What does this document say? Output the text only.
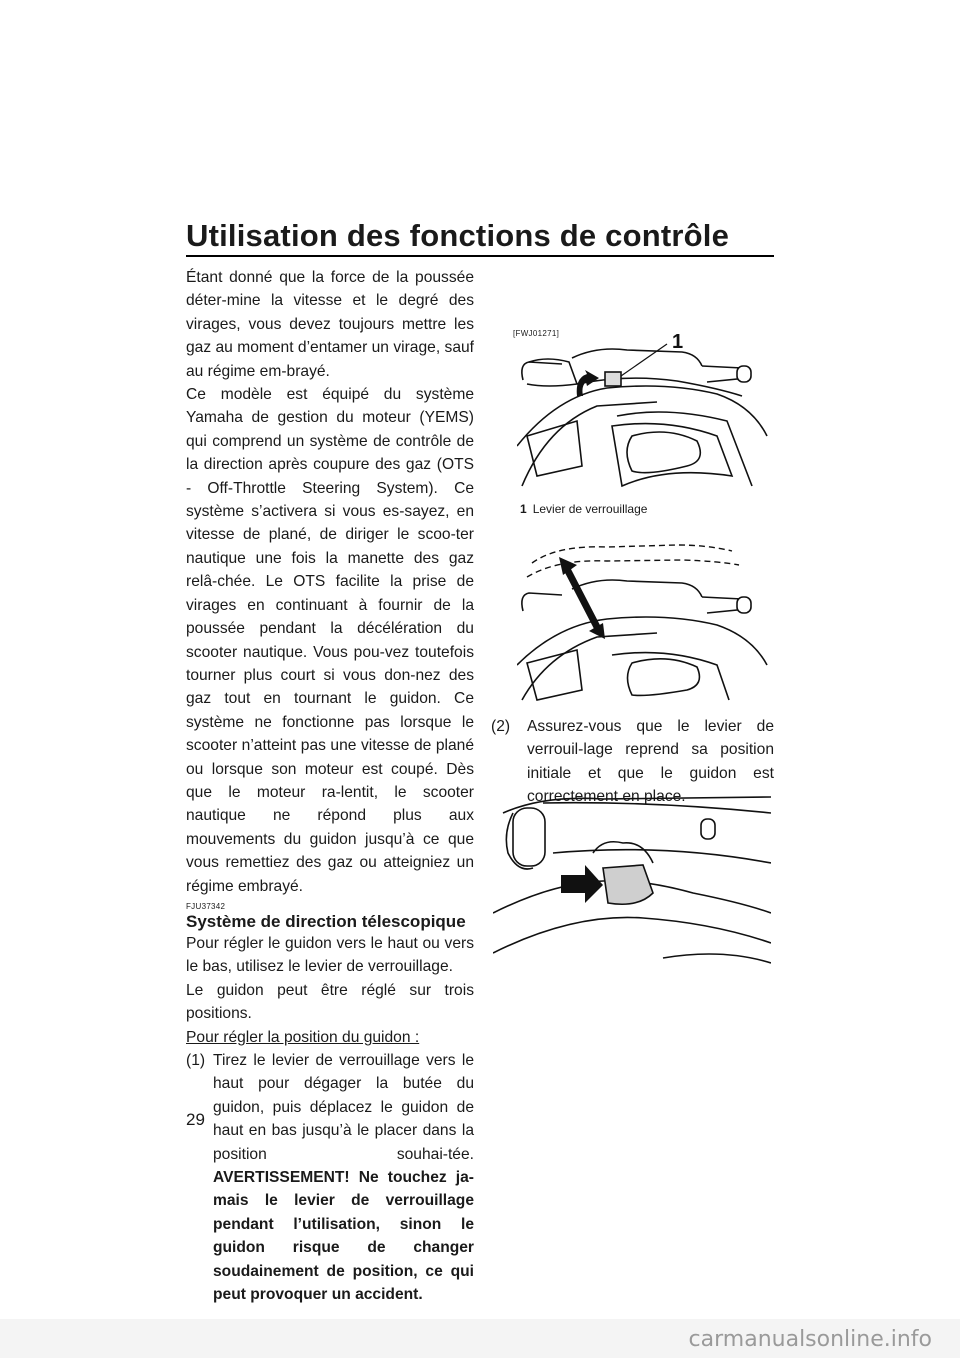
Utilisation des fonctions de contrôle

Étant donné que la force de la poussée déter-mine la vitesse et le degré des virages, vous devez toujours mettre les gaz au moment d’entamer un virage, sauf au régime em-brayé.

Ce modèle est équipé du système Yamaha de gestion du moteur (YEMS) qui comprend un système de contrôle de la direction après coupure des gaz (OTS - Off-Throttle Steering System). Ce système s’activera si vous es-sayez, en vitesse de plané, de diriger le scoo-ter nautique une fois la manette des gaz relâ-chée. Le OTS facilite la prise de virages en continuant à fournir de la poussée pendant la décélération du scooter nautique. Vous pou-vez toutefois tourner plus court si vous don-nez des gaz tout en tournant le guidon. Ce système ne fonctionne pas lorsque le scooter n’atteint pas une vitesse de plané ou lorsque son moteur est coupé. Dès que le moteur ra-lentit, le scooter nautique ne répond plus aux mouvements du guidon jusqu’à ce que vous remettiez des gaz ou atteigniez un régime embrayé.

FJU37342
Système de direction télescopique

Pour régler le guidon vers le haut ou vers le bas, utilisez le levier de verrouillage.

Le guidon peut être réglé sur trois positions.

Pour régler la position du guidon :

(1) Tirez le levier de verrouillage vers le haut pour dégager la butée du guidon, puis déplacez le guidon de haut en bas jusqu’à le placer dans la position souhai-tée. AVERTISSEMENT! Ne touchez ja-mais le levier de verrouillage pendant l’utilisation, sinon le guidon risque de changer soudainement de position, ce qui peut provoquer un accident.
[FWJ01271]	1
1 Levier de verrouillage
(2)	Assurez-vous que le levier de verrouil-lage reprend sa position initiale et que le guidon est correctement en place.
29
carmanualsonline.info
